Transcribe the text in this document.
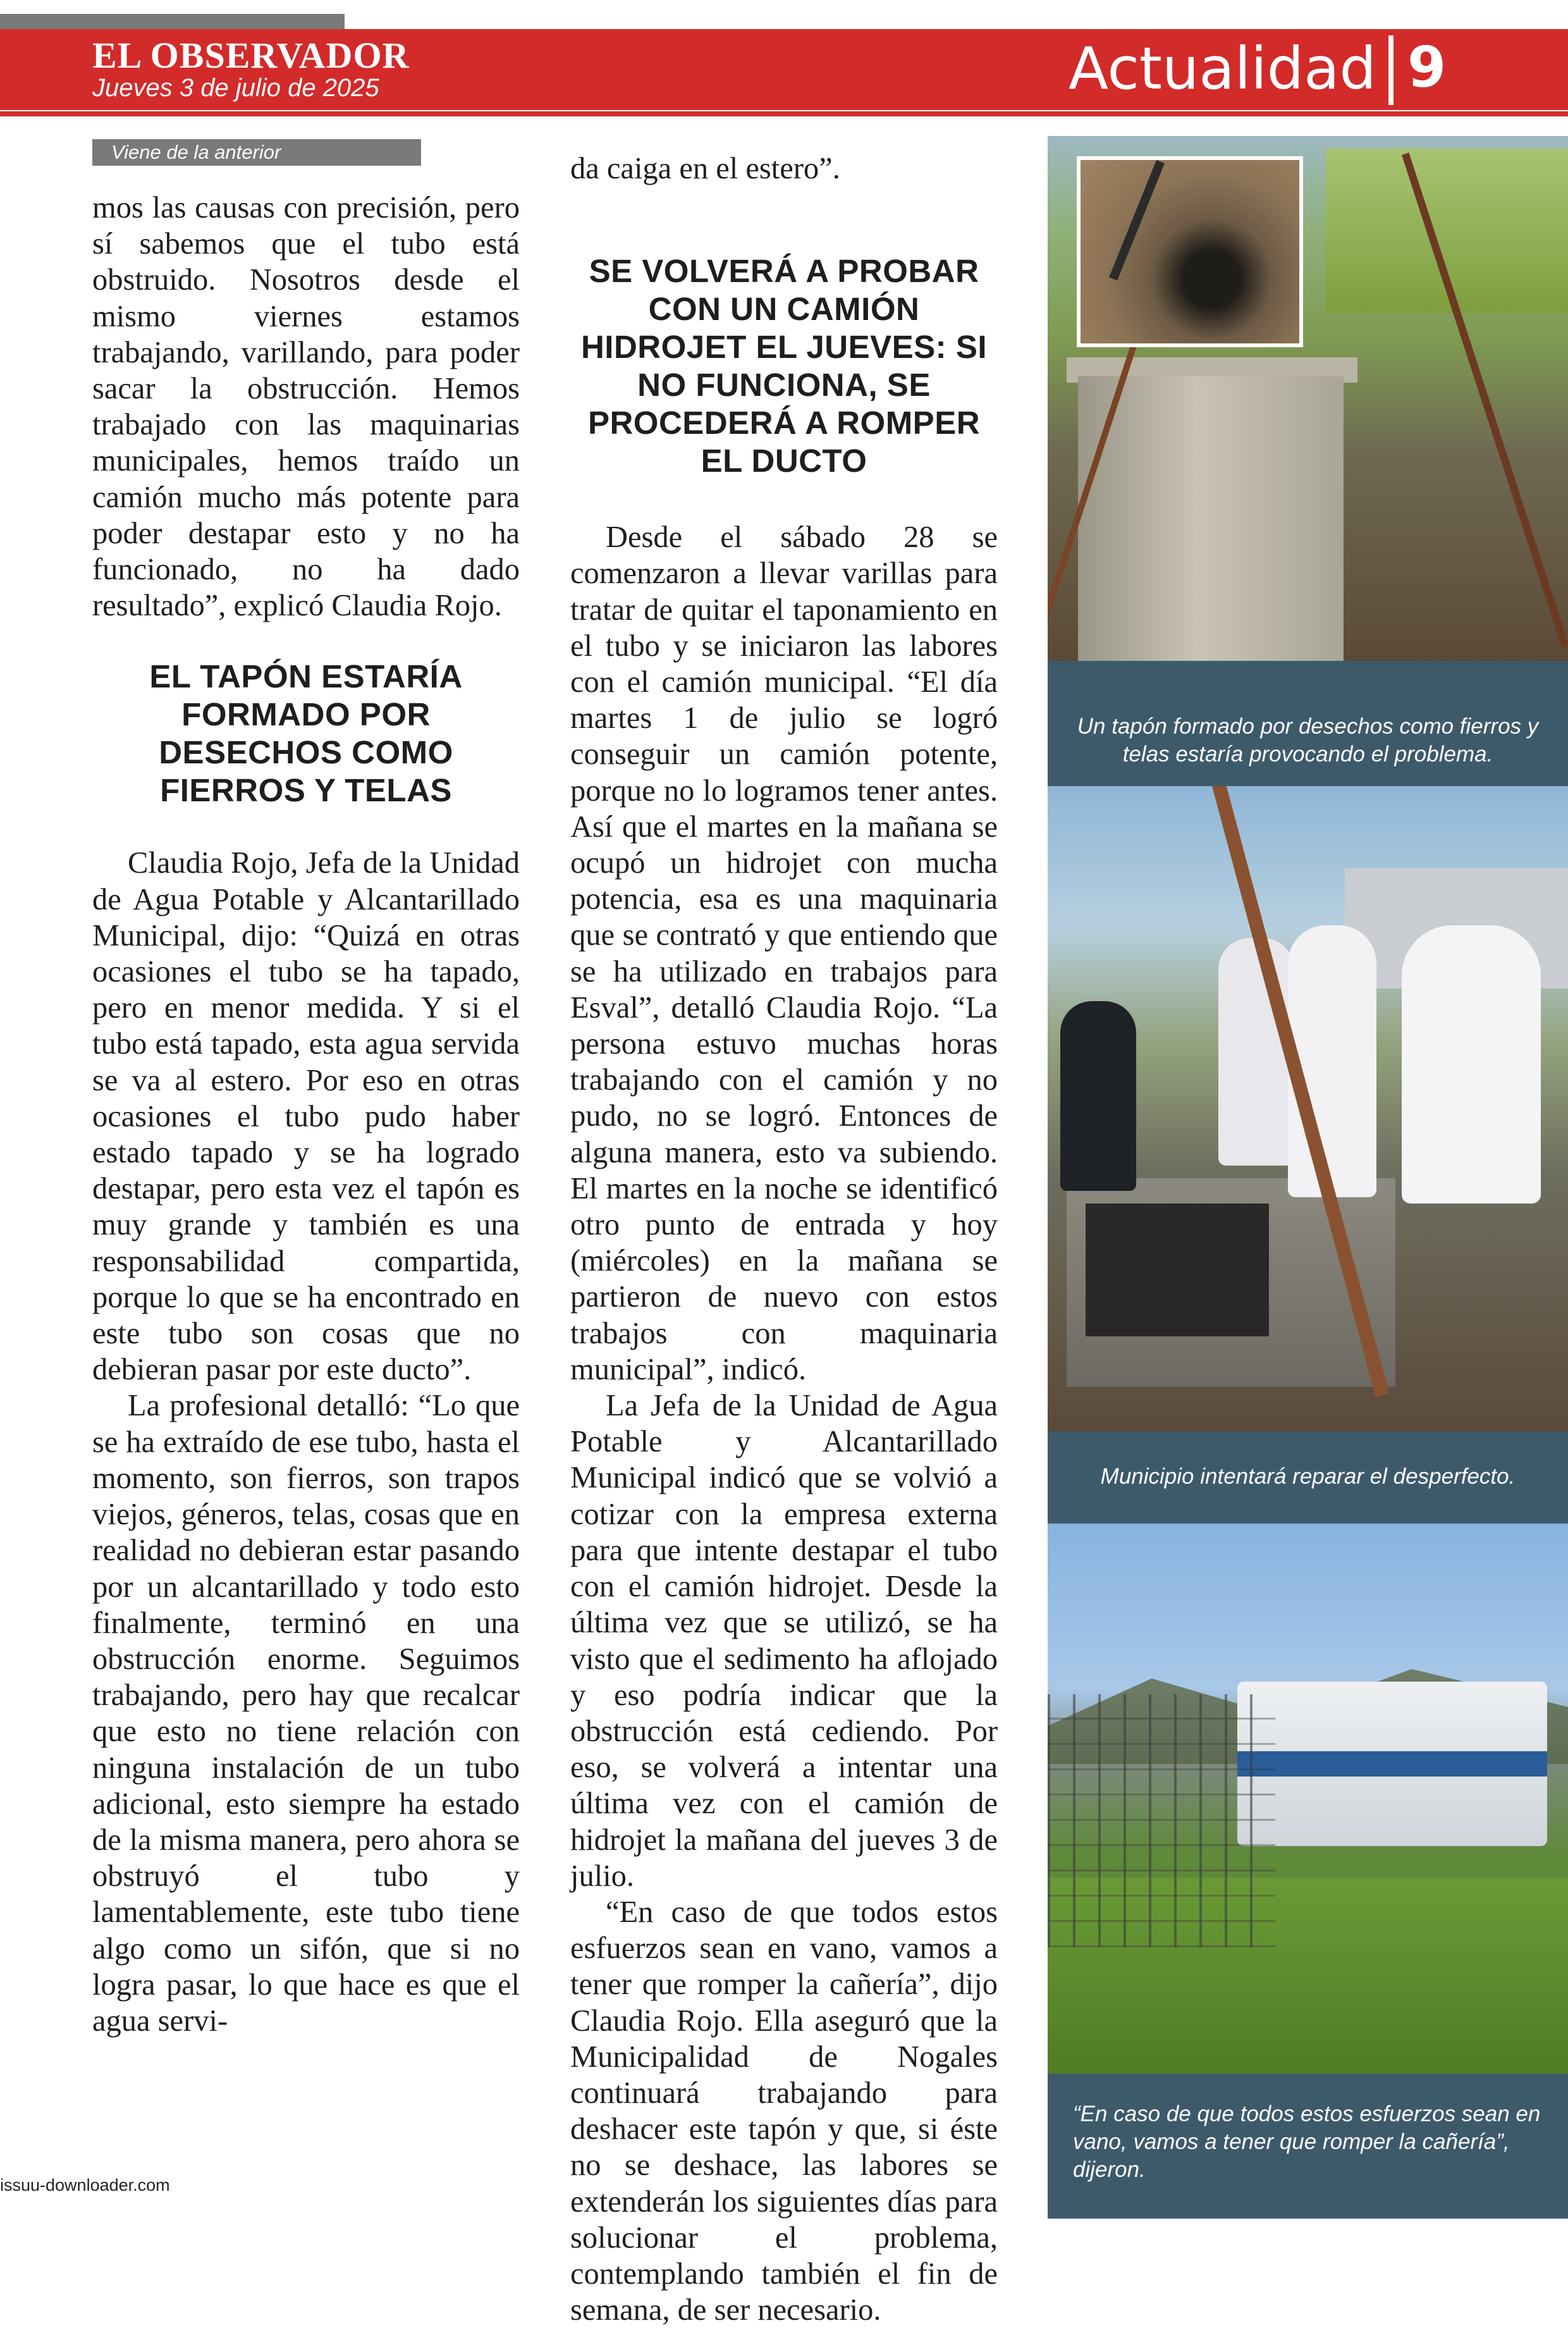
EL OBSERVADOR
Jueves 3 de julio de 2025	Actualidad 9
Viene de la anterior

mos las causas con precisión, pero sí sabemos que el tubo está obstruido. Nosotros desde el mismo viernes estamos trabajando, varillando, para poder sacar la obstrucción. Hemos trabajado con las maquinarias municipales, hemos traído un camión mucho más potente para poder destapar esto y no ha funcionado, no ha dado resultado”, explicó Claudia Rojo.

EL TAPÓN ESTARÍA FORMADO POR DESECHOS COMO FIERROS Y TELAS

Claudia Rojo, Jefa de la Unidad de Agua Potable y Alcantarillado Municipal, dijo: “Quizá en otras ocasiones el tubo se ha tapado, pero en menor medida. Y si el tubo está tapado, esta agua servida se va al estero. Por eso en otras ocasiones el tubo pudo haber estado tapado y se ha logrado destapar, pero esta vez el tapón es muy grande y también es una responsabilidad compartida, porque lo que se ha encontrado en este tubo son cosas que no debieran pasar por este ducto”.

La profesional detalló: “Lo que se ha extraído de ese tubo, hasta el momento, son fierros, son trapos viejos, géneros, telas, cosas que en realidad no debieran estar pasando por un alcantarillado y todo esto finalmente, terminó en una obstrucción enorme. Seguimos trabajando, pero hay que recalcar que esto no tiene relación con ninguna instalación de un tubo adicional, esto siempre ha estado de la misma manera, pero ahora se obstruyó el tubo y lamentablemente, este tubo tiene algo como un sifón, que si no logra pasar, lo que hace es que el agua servi-

da caiga en el estero”.

SE VOLVERÁ A PROBAR CON UN CAMIÓN HIDROJET EL JUEVES: SI NO FUNCIONA, SE PROCEDERÁ A ROMPER EL DUCTO

Desde el sábado 28 se comenzaron a llevar varillas para tratar de quitar el taponamiento en el tubo y se iniciaron las labores con el camión municipal. “El día martes 1 de julio se logró conseguir un camión potente, porque no lo logramos tener antes. Así que el martes en la mañana se ocupó un hidrojet con mucha potencia, esa es una maquinaria que se contrató y que entiendo que se ha utilizado en trabajos para Esval”, detalló Claudia Rojo. “La persona estuvo muchas horas trabajando con el camión y no pudo, no se logró. Entonces de alguna manera, esto va subiendo. El martes en la noche se identificó otro punto de entrada y hoy (miércoles) en la mañana se partieron de nuevo con estos trabajos con maquinaria municipal”, indicó.

La Jefa de la Unidad de Agua Potable y Alcantarillado Municipal indicó que se volvió a cotizar con la empresa externa para que intente destapar el tubo con el camión hidrojet. Desde la última vez que se utilizó, se ha visto que el sedimento ha aflojado y eso podría indicar que la obstrucción está cediendo. Por eso, se volverá a intentar una última vez con el camión de hidrojet la mañana del jueves 3 de julio.

“En caso de que todos estos esfuerzos sean en vano, vamos a tener que romper la cañería”, dijo Claudia Rojo. Ella aseguró que la Municipalidad de Nogales continuará trabajando para deshacer este tapón y que, si éste no se deshace, las labores se extenderán los siguientes días para solucionar el problema, contemplando también el fin de semana, de ser necesario.

Un tapón formado por desechos como fierros y telas estaría provocando el problema.
Municipio intentará reparar el desperfecto.
“En caso de que todos estos esfuerzos sean en vano, vamos a tener que romper la cañería”, dijeron.
issuu-downloader.com
